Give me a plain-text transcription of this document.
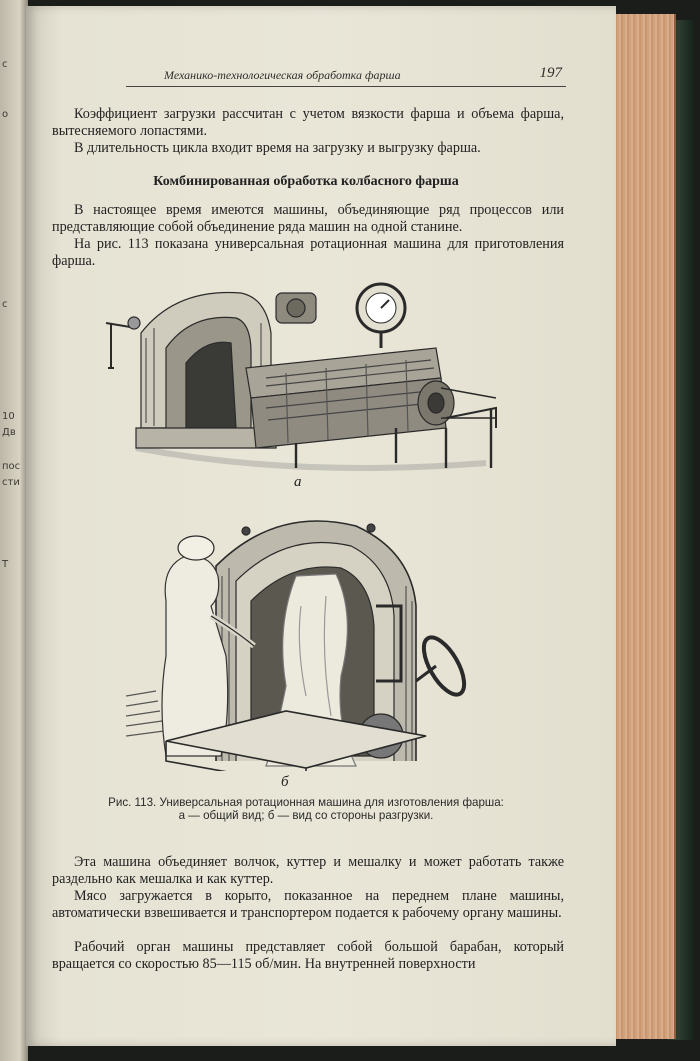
с
о
с
10
Дв
пос
сти
Т
Механико-технологическая обработка фарша	197

Коэффициент загрузки рассчитан с учетом вязкости фарша и объема фарша, вытесняемого лопастями.

В длительность цикла входит время на загрузку и выгрузку фарша.

Комбинированная обработка колбасного фарша

В настоящее время имеются машины, объединяющие ряд процессов или представляющие собой объединение ряда машин на одной станине.

На рис. 113 показана универсальная ротационная машина для приготовления фарша.

а
б
Рис. 113. Универсальная ротационная машина для изготовления фарша:
а — общий вид; б — вид со стороны разгрузки.

Эта машина объединяет волчок, куттер и мешалку и может работать также раздельно как мешалка и как куттер.

Мясо загружается в корыто, показанное на переднем плане машины, автоматически взвешивается и транспортером подается к рабочему органу машины.

Рабочий орган машины представляет собой большой барабан, который вращается со скоростью 85—115 об/мин. На внутренней поверхности
